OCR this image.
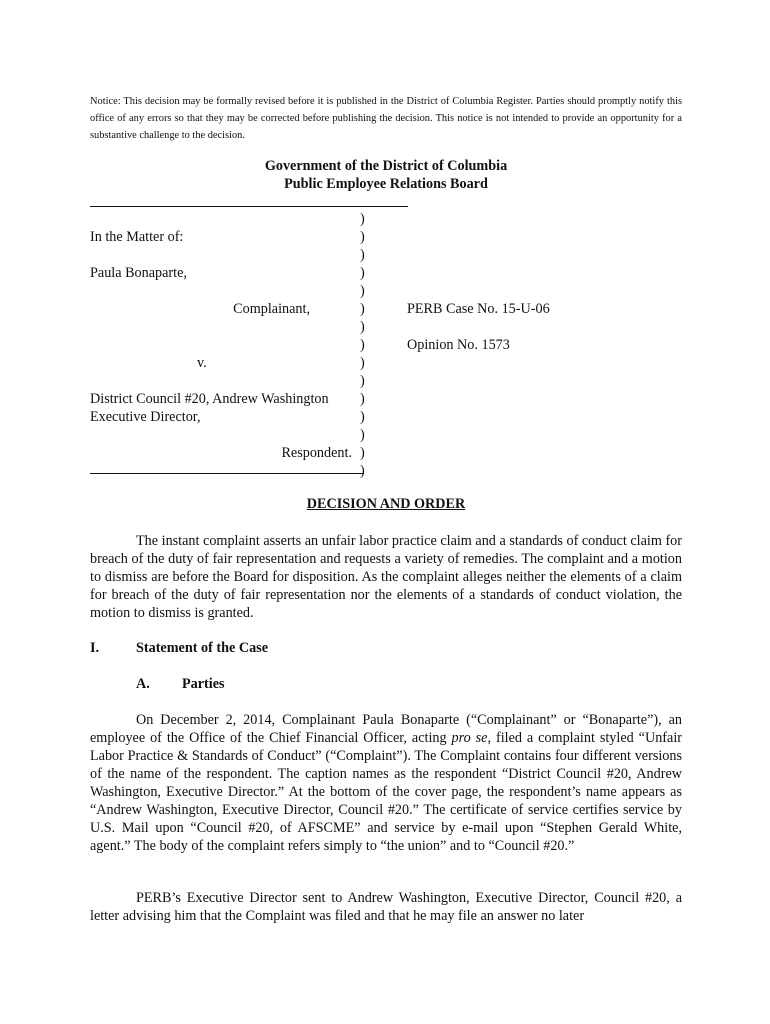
Notice: This decision may be formally revised before it is published in the District of Columbia Register. Parties should promptly notify this office of any errors so that they may be corrected before publishing the decision. This notice is not intended to provide an opportunity for a substantive challenge to the decision.
Government of the District of Columbia
Public Employee Relations Board
)
)
)
)
)
)
)
)
)
)
)
)
)
)
)
In the Matter of:
Paula Bonaparte,
Complainant,
v.
District Council #20, Andrew Washington
Executive Director,
Respondent.
PERB Case No. 15-U-06
Opinion No. 1573
DECISION AND ORDER

The instant complaint asserts an unfair labor practice claim and a standards of conduct claim for breach of the duty of fair representation and requests a variety of remedies. The complaint and a motion to dismiss are before the Board for disposition. As the complaint alleges neither the elements of a claim for breach of the duty of fair representation nor the elements of a standards of conduct violation, the motion to dismiss is granted.

I.	Statement of the Case
A. Parties

On December 2, 2014, Complainant Paula Bonaparte (“Complainant” or “Bonaparte”), an employee of the Office of the Chief Financial Officer, acting pro se, filed a complaint styled “Unfair Labor Practice & Standards of Conduct” (“Complaint”). The Complaint contains four different versions of the name of the respondent. The caption names as the respondent “District Council #20, Andrew Washington, Executive Director.” At the bottom of the cover page, the respondent’s name appears as “Andrew Washington, Executive Director, Council #20.” The certificate of service certifies service by U.S. Mail upon “Council #20, of AFSCME” and service by e-mail upon “Stephen Gerald White, agent.” The body of the complaint refers simply to “the union” and to “Council #20.”

PERB’s Executive Director sent to Andrew Washington, Executive Director, Council #20, a letter advising him that the Complaint was filed and that he may file an answer no later
